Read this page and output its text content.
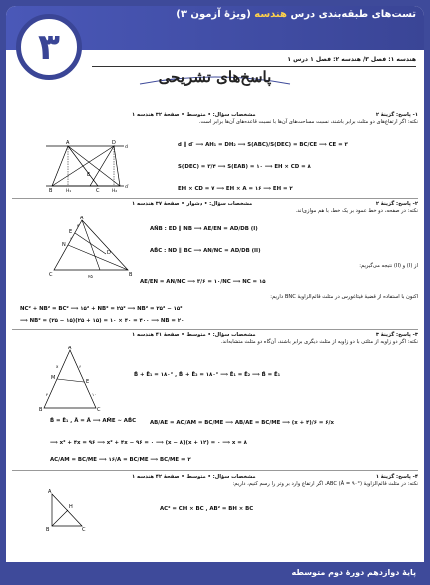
۳
تست‌های طبقه‌بندی درس هندسه (ویژهٔ آزمون ۳)
هندسه ۱: فصل ۳/ هندسه ۲: فصل ۱ درس ۱
پاسخ‌های تشریحی
۱- پاسخ: گزینهٔ ۲
مشخصات سؤال: • متوسط • صفحهٔ ۳۲ هندسه ۱
نکته: اگر ارتفاع‌های دو مثلث برابر باشند، نسبت مساحت‌های آن‌ها با نسبت قاعده‌های آن‌ها برابر است.
A	D
B	H₁	C
E
H₂
d
d′
d ∥ d′ ⟹ AH₁ = DH₂ ⟹ S(ABC)/S(DEC) = BC/CE ⟹ CE = ۳
S(DEC) = ۳/۴ ⟹ S(EAB) = ۱۰ ⟹ EH × CD = ۸
EH × CD = ۷ ⟹ EH × A = ۱۶ ⟹ EH = ۲
۲- پاسخ: گزینهٔ ۲
مشخصات سؤال: • دشوار • صفحهٔ ۳۷ هندسه ۱
نکته: در صفحه، دو خط عمود بر یک خط، با هم موازی‌اند.
A
E
N
D
C	B
۲۵
۳
۶
AN̂B : ED ∥ NB ⟹ AE/EN = AD/DB (I)
AB̂C : ND ∥ BC ⟹ AN/NC = AD/DB (II)
از (I) و (II) نتیجه می‌گیریم:
AE/EN = AN/NC ⟹ ۳/۶ = ۱۰/NC ⟹ NC = ۱۵
اکنون با استفاده از قضیهٔ فیثاغورس در مثلث قائم‌الزاویهٔ BNC داریم:
NC² + NB² = BC² ⟹ ۱۵² + NB² = ۲۵² ⟹ NB² = ۲۵² − ۱۵²
⟹ NB² = (۲۵ − ۱۵)(۲۵ + ۱۵) = ۱۰ × ۴۰ = ۴۰۰ ⟹ NB = ۲۰
۳- پاسخ: گزینهٔ ۳
مشخصات سؤال: • متوسط • صفحهٔ ۴۱ هندسه ۱
نکته: اگر دو زاویه از مثلثی با دو زاویه از مثلث دیگری برابر باشند، آن‌گاه دو مثلث متشابه‌اند.
A
M
E
B	C
x	۶
۴	۱۰
B̂ + Ê₁ = ۱۸۰° , B̂ + Ê₂ = ۱۸۰° ⟹ Ê₁ = Ê₂ ⟹ B̂ = Ê₁
B̂ = Ê₁ , Â = Â ⟹ AM̂E ∼ AB̂C	AB/AE = AC/AM = BC/ME ⟹ AB/AE = BC/ME ⟹ (x + ۴)/۶ = ۶/x
⟹ x² + ۴x = ۹۶ ⟹ x² + ۴x − ۹۶ = ۰ ⟹ (x − ۸)(x + ۱۲) = ۰ ⟹ x = ۸
AC/AM = BC/ME ⟹ ۱۶/A = BC/ME ⟹ BC/ME = ۲
۴- پاسخ: گزینهٔ ۱
مشخصات سؤال: • متوسط • صفحهٔ ۴۲ هندسه ۱
نکته: در مثلث قائم‌الزاویهٔ ABC (Â = ۹۰°)، اگر ارتفاع وارد بر وتر را رسم کنیم، داریم:
A
B	C
H	AC² = CH × BC , AB² = BH × BC
پایهٔ دوازدهم دورهٔ دوم متوسطه
